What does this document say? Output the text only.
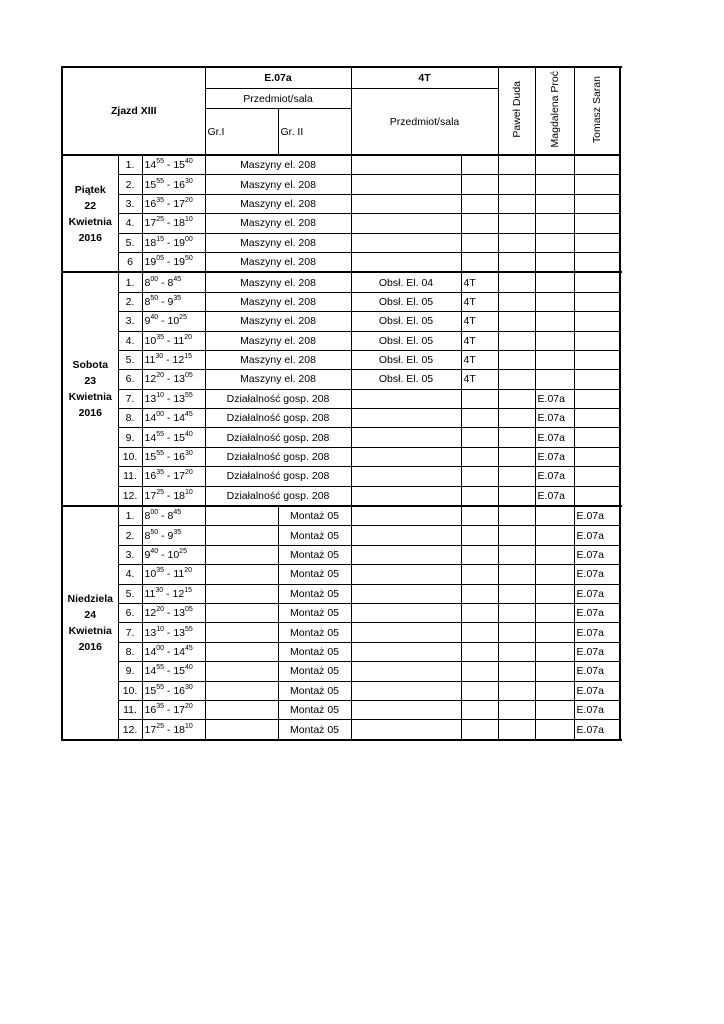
Zjazd XIII			E.07a		4T		Paweł Duda	Magdalena Proć	Tomasz Saran	
			Przedmiot/sala		Przedmiot/sala					
			Gr.I	Gr. II						
Piątek
22
Kwietnia
2016	1.	$14^{55} - 15^{40}$	Maszyny el. 208						
	2.	$15^{55} - 16^{30}$	Maszyny el. 208						
	3.	$16^{35} - 17^{20}$	Maszyny el. 208						
	4.	$17^{25} - 18^{10}$	Maszyny el. 208						
	5.	$18^{15} - 19^{00}$	Maszyny el. 208						
	6	$19^{05} - 19^{50}$	Maszyny el. 208						
Sobota
23
Kwietnia
2016	1.	$8^{00} - 8^{45}$	Maszyny el. 208		Obsł. El. 04	4T				
	2.	$8^{50} - 9^{35}$	Maszyny el. 208		Obsł. El. 05	4T				
	3.	$9^{40} - 10^{25}$	Maszyny el. 208		Obsł. El. 05	4T				
	4.	$10^{35} - 11^{20}$	Maszyny el. 208		Obsł. El. 05	4T				
	5.	$11^{30} - 12^{15}$	Maszyny el. 208		Obsł. El. 05	4T				
	6.	$12^{20} - 13^{05}$	Maszyny el. 208		Obsł. El. 05	4T				
	7.	$13^{10} - 13^{55}$	Działalność gosp. 208					E.07a		
	8.	$14^{00} - 14^{45}$	Działalność gosp. 208					E.07a		
	9.	$14^{55} - 15^{40}$	Działalność gosp. 208					E.07a		
	10.	$15^{55} - 16^{30}$	Działalność gosp. 208					E.07a		
	11.	$16^{35} - 17^{20}$	Działalność gosp. 208					E.07a		
	12.	$17^{25} - 18^{10}$	Działalność gosp. 208					E.07a		
Niedziela
24
Kwietnia
2016	1.	$8^{00} - 8^{45}$		Montaż 05					E.07a	
	2.	$8^{50} - 9^{35}$		Montaż 05					E.07a	
	3.	$9^{40} - 10^{25}$		Montaż 05					E.07a	
	4.	$10^{35} - 11^{20}$		Montaż 05					E.07a	
	5.	$11^{30} - 12^{15}$		Montaż 05					E.07a	
	6.	$12^{20} - 13^{05}$		Montaż 05					E.07a	
	7.	$13^{10} - 13^{55}$		Montaż 05					E.07a	
	8.	$14^{00} - 14^{45}$		Montaż 05					E.07a	
	9.	$14^{55} - 15^{40}$		Montaż 05					E.07a	
	10.	$15^{55} - 16^{30}$		Montaż 05					E.07a	
	11.	$16^{35} - 17^{20}$		Montaż 05					E.07a	
	12.	$17^{25} - 18^{10}$		Montaż 05					E.07a	
